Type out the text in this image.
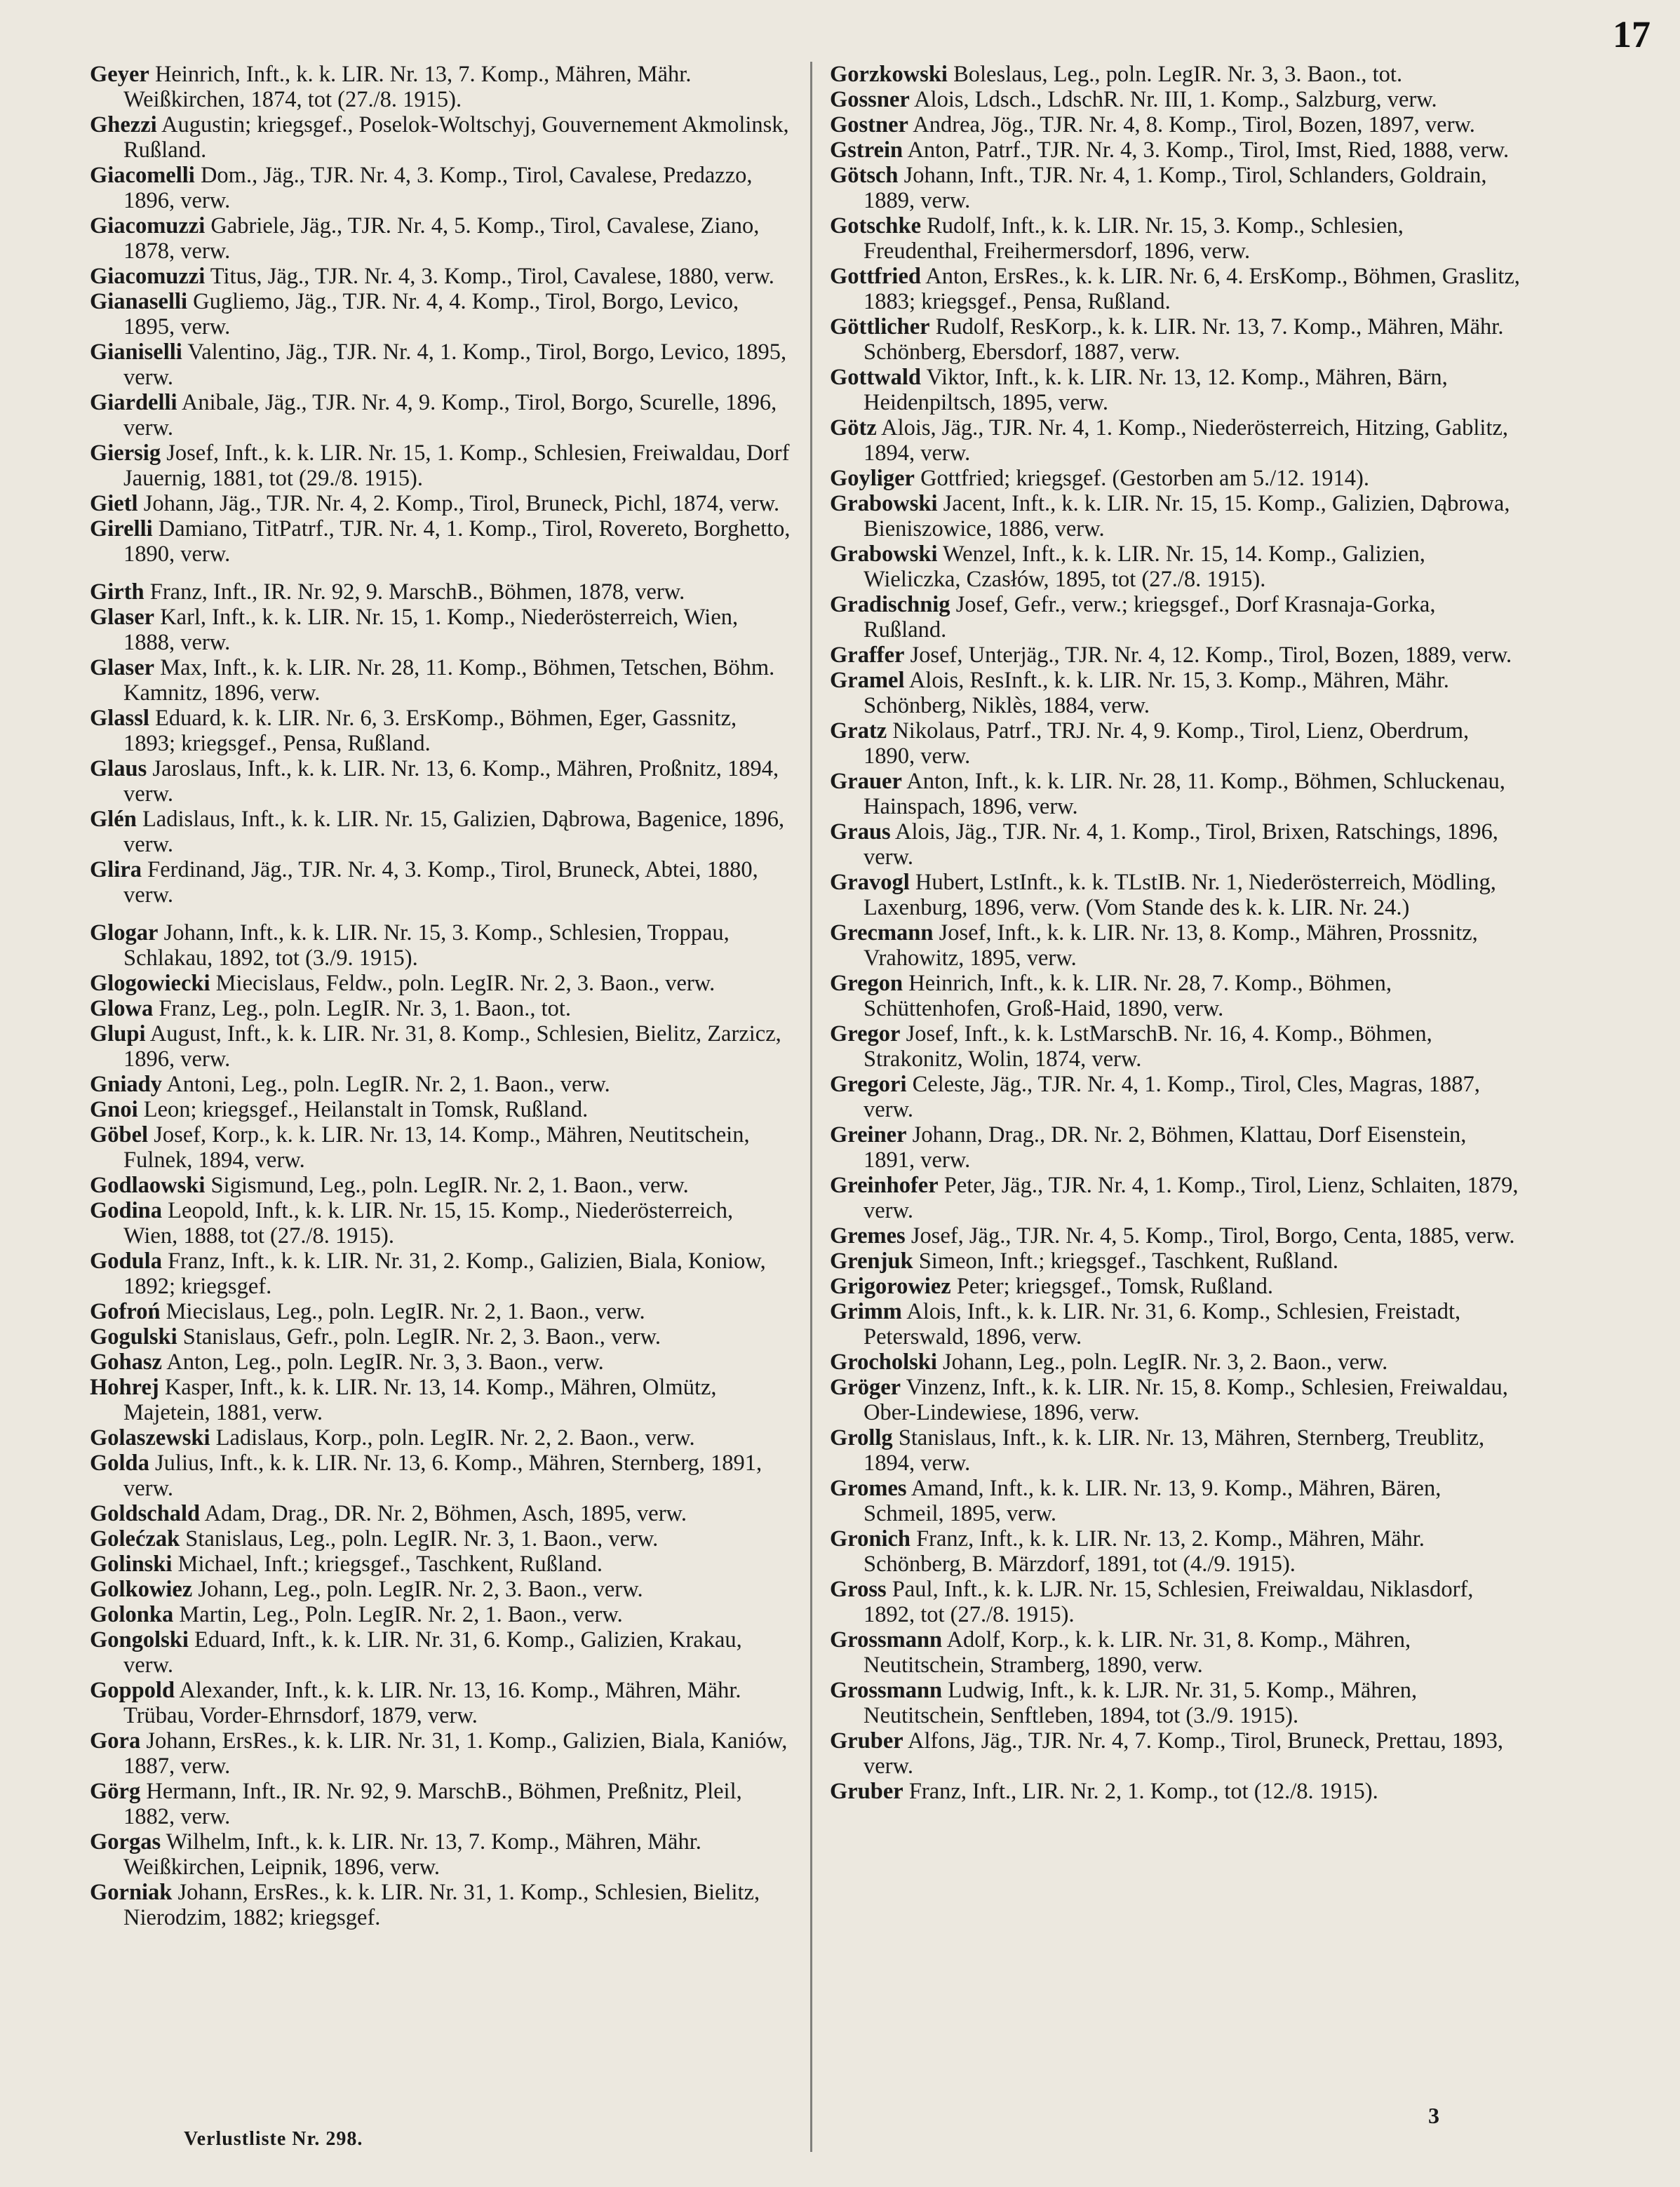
17
Geyer Heinrich, Inft., k. k. LIR. Nr. 13, 7. Komp., Mähren, Mähr. Weißkirchen, 1874, tot (27./8. 1915).
Ghezzi Augustin; kriegsgef., Poselok-Woltschyj, Gouvernement Akmolinsk, Rußland.
Giacomelli Dom., Jäg., TJR. Nr. 4, 3. Komp., Tirol, Cavalese, Predazzo, 1896, verw.
Giacomuzzi Gabriele, Jäg., TJR. Nr. 4, 5. Komp., Tirol, Cavalese, Ziano, 1878, verw.
Giacomuzzi Titus, Jäg., TJR. Nr. 4, 3. Komp., Tirol, Cavalese, 1880, verw.
Gianaselli Gugliemo, Jäg., TJR. Nr. 4, 4. Komp., Tirol, Borgo, Levico, 1895, verw.
Gianiselli Valentino, Jäg., TJR. Nr. 4, 1. Komp., Tirol, Borgo, Levico, 1895, verw.
Giardelli Anibale, Jäg., TJR. Nr. 4, 9. Komp., Tirol, Borgo, Scurelle, 1896, verw.
Giersig Josef, Inft., k. k. LIR. Nr. 15, 1. Komp., Schlesien, Freiwaldau, Dorf Jauernig, 1881, tot (29./8. 1915).
Gietl Johann, Jäg., TJR. Nr. 4, 2. Komp., Tirol, Bruneck, Pichl, 1874, verw.
Girelli Damiano, TitPatrf., TJR. Nr. 4, 1. Komp., Tirol, Rovereto, Borghetto, 1890, verw.
Girth Franz, Inft., IR. Nr. 92, 9. MarschB., Böhmen, 1878, verw.
Glaser Karl, Inft., k. k. LIR. Nr. 15, 1. Komp., Niederösterreich, Wien, 1888, verw.
Glaser Max, Inft., k. k. LIR. Nr. 28, 11. Komp., Böhmen, Tetschen, Böhm. Kamnitz, 1896, verw.
Glassl Eduard, k. k. LIR. Nr. 6, 3. ErsKomp., Böhmen, Eger, Gassnitz, 1893; kriegsgef., Pensa, Rußland.
Glaus Jaroslaus, Inft., k. k. LIR. Nr. 13, 6. Komp., Mähren, Proßnitz, 1894, verw.
Glén Ladislaus, Inft., k. k. LIR. Nr. 15, Galizien, Dąbrowa, Bagenice, 1896, verw.
Glira Ferdinand, Jäg., TJR. Nr. 4, 3. Komp., Tirol, Bruneck, Abtei, 1880, verw.
Glogar Johann, Inft., k. k. LIR. Nr. 15, 3. Komp., Schlesien, Troppau, Schlakau, 1892, tot (3./9. 1915).
Glogowiecki Miecislaus, Feldw., poln. LegIR. Nr. 2, 3. Baon., verw.
Glowa Franz, Leg., poln. LegIR. Nr. 3, 1. Baon., tot.
Glupi August, Inft., k. k. LIR. Nr. 31, 8. Komp., Schlesien, Bielitz, Zarzicz, 1896, verw.
Gniady Antoni, Leg., poln. LegIR. Nr. 2, 1. Baon., verw.
Gnoi Leon; kriegsgef., Heilanstalt in Tomsk, Rußland.
Göbel Josef, Korp., k. k. LIR. Nr. 13, 14. Komp., Mähren, Neutitschein, Fulnek, 1894, verw.
Godlaowski Sigismund, Leg., poln. LegIR. Nr. 2, 1. Baon., verw.
Godina Leopold, Inft., k. k. LIR. Nr. 15, 15. Komp., Niederösterreich, Wien, 1888, tot (27./8. 1915).
Godula Franz, Inft., k. k. LIR. Nr. 31, 2. Komp., Galizien, Biala, Koniow, 1892; kriegsgef.
Gofroń Miecislaus, Leg., poln. LegIR. Nr. 2, 1. Baon., verw.
Gogulski Stanislaus, Gefr., poln. LegIR. Nr. 2, 3. Baon., verw.
Gohasz Anton, Leg., poln. LegIR. Nr. 3, 3. Baon., verw.
Hohrej Kasper, Inft., k. k. LIR. Nr. 13, 14. Komp., Mähren, Olmütz, Majetein, 1881, verw.
Golaszewski Ladislaus, Korp., poln. LegIR. Nr. 2, 2. Baon., verw.
Golda Julius, Inft., k. k. LIR. Nr. 13, 6. Komp., Mähren, Sternberg, 1891, verw.
Goldschald Adam, Drag., DR. Nr. 2, Böhmen, Asch, 1895, verw.
Golećzak Stanislaus, Leg., poln. LegIR. Nr. 3, 1. Baon., verw.
Golinski Michael, Inft.; kriegsgef., Taschkent, Rußland.
Golkowiez Johann, Leg., poln. LegIR. Nr. 2, 3. Baon., verw.
Golonka Martin, Leg., Poln. LegIR. Nr. 2, 1. Baon., verw.
Gongolski Eduard, Inft., k. k. LIR. Nr. 31, 6. Komp., Galizien, Krakau, verw.
Goppold Alexander, Inft., k. k. LIR. Nr. 13, 16. Komp., Mähren, Mähr. Trübau, Vorder-Ehrnsdorf, 1879, verw.
Gora Johann, ErsRes., k. k. LIR. Nr. 31, 1. Komp., Galizien, Biala, Kaniów, 1887, verw.
Görg Hermann, Inft., IR. Nr. 92, 9. MarschB., Böhmen, Preßnitz, Pleil, 1882, verw.
Gorgas Wilhelm, Inft., k. k. LIR. Nr. 13, 7. Komp., Mähren, Mähr. Weißkirchen, Leipnik, 1896, verw.
Gorniak Johann, ErsRes., k. k. LIR. Nr. 31, 1. Komp., Schlesien, Bielitz, Nierodzim, 1882; kriegsgef.
Gorzkowski Boleslaus, Leg., poln. LegIR. Nr. 3, 3. Baon., tot.
Gossner Alois, Ldsch., LdschR. Nr. III, 1. Komp., Salzburg, verw.
Gostner Andrea, Jög., TJR. Nr. 4, 8. Komp., Tirol, Bozen, 1897, verw.
Gstrein Anton, Patrf., TJR. Nr. 4, 3. Komp., Tirol, Imst, Ried, 1888, verw.
Götsch Johann, Inft., TJR. Nr. 4, 1. Komp., Tirol, Schlanders, Goldrain, 1889, verw.
Gotschke Rudolf, Inft., k. k. LIR. Nr. 15, 3. Komp., Schlesien, Freudenthal, Freihermersdorf, 1896, verw.
Gottfried Anton, ErsRes., k. k. LIR. Nr. 6, 4. ErsKomp., Böhmen, Graslitz, 1883; kriegsgef., Pensa, Rußland.
Göttlicher Rudolf, ResKorp., k. k. LIR. Nr. 13, 7. Komp., Mähren, Mähr. Schönberg, Ebersdorf, 1887, verw.
Gottwald Viktor, Inft., k. k. LIR. Nr. 13, 12. Komp., Mähren, Bärn, Heidenpiltsch, 1895, verw.
Götz Alois, Jäg., TJR. Nr. 4, 1. Komp., Niederösterreich, Hitzing, Gablitz, 1894, verw.
Goyliger Gottfried; kriegsgef. (Gestorben am 5./12. 1914).
Grabowski Jacent, Inft., k. k. LIR. Nr. 15, 15. Komp., Galizien, Dąbrowa, Bieniszowice, 1886, verw.
Grabowski Wenzel, Inft., k. k. LIR. Nr. 15, 14. Komp., Galizien, Wieliczka, Czasłów, 1895, tot (27./8. 1915).
Gradischnig Josef, Gefr., verw.; kriegsgef., Dorf Krasnaja-Gorka, Rußland.
Graffer Josef, Unterjäg., TJR. Nr. 4, 12. Komp., Tirol, Bozen, 1889, verw.
Gramel Alois, ResInft., k. k. LIR. Nr. 15, 3. Komp., Mähren, Mähr. Schönberg, Niklès, 1884, verw.
Gratz Nikolaus, Patrf., TRJ. Nr. 4, 9. Komp., Tirol, Lienz, Oberdrum, 1890, verw.
Grauer Anton, Inft., k. k. LIR. Nr. 28, 11. Komp., Böhmen, Schluckenau, Hainspach, 1896, verw.
Graus Alois, Jäg., TJR. Nr. 4, 1. Komp., Tirol, Brixen, Ratschings, 1896, verw.
Gravogl Hubert, LstInft., k. k. TLstIB. Nr. 1, Niederösterreich, Mödling, Laxenburg, 1896, verw. (Vom Stande des k. k. LIR. Nr. 24.)
Grecmann Josef, Inft., k. k. LIR. Nr. 13, 8. Komp., Mähren, Prossnitz, Vrahowitz, 1895, verw.
Gregon Heinrich, Inft., k. k. LIR. Nr. 28, 7. Komp., Böhmen, Schüttenhofen, Groß-Haid, 1890, verw.
Gregor Josef, Inft., k. k. LstMarschB. Nr. 16, 4. Komp., Böhmen, Strakonitz, Wolin, 1874, verw.
Gregori Celeste, Jäg., TJR. Nr. 4, 1. Komp., Tirol, Cles, Magras, 1887, verw.
Greiner Johann, Drag., DR. Nr. 2, Böhmen, Klattau, Dorf Eisenstein, 1891, verw.
Greinhofer Peter, Jäg., TJR. Nr. 4, 1. Komp., Tirol, Lienz, Schlaiten, 1879, verw.
Gremes Josef, Jäg., TJR. Nr. 4, 5. Komp., Tirol, Borgo, Centa, 1885, verw.
Grenjuk Simeon, Inft.; kriegsgef., Taschkent, Rußland.
Grigorowiez Peter; kriegsgef., Tomsk, Rußland.
Grimm Alois, Inft., k. k. LIR. Nr. 31, 6. Komp., Schlesien, Freistadt, Peterswald, 1896, verw.
Grocholski Johann, Leg., poln. LegIR. Nr. 3, 2. Baon., verw.
Gröger Vinzenz, Inft., k. k. LIR. Nr. 15, 8. Komp., Schlesien, Freiwaldau, Ober-Lindewiese, 1896, verw.
Grollg Stanislaus, Inft., k. k. LIR. Nr. 13, Mähren, Sternberg, Treublitz, 1894, verw.
Gromes Amand, Inft., k. k. LIR. Nr. 13, 9. Komp., Mähren, Bären, Schmeil, 1895, verw.
Gronich Franz, Inft., k. k. LIR. Nr. 13, 2. Komp., Mähren, Mähr. Schönberg, B. Märzdorf, 1891, tot (4./9. 1915).
Gross Paul, Inft., k. k. LJR. Nr. 15, Schlesien, Freiwaldau, Niklasdorf, 1892, tot (27./8. 1915).
Grossmann Adolf, Korp., k. k. LIR. Nr. 31, 8. Komp., Mähren, Neutitschein, Stramberg, 1890, verw.
Grossmann Ludwig, Inft., k. k. LJR. Nr. 31, 5. Komp., Mähren, Neutitschein, Senftleben, 1894, tot (3./9. 1915).
Gruber Alfons, Jäg., TJR. Nr. 4, 7. Komp., Tirol, Bruneck, Prettau, 1893, verw.
Gruber Franz, Inft., LIR. Nr. 2, 1. Komp., tot (12./8. 1915).
3
Verlustliste Nr. 298.
